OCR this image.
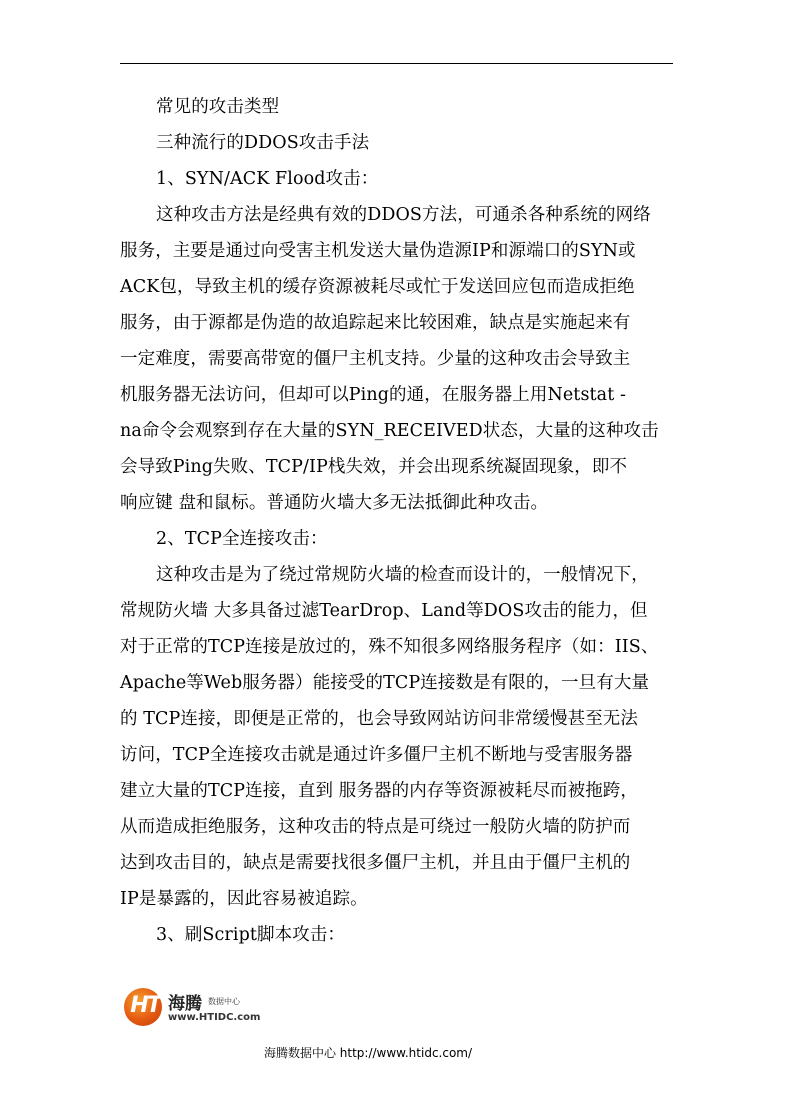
常见的攻击类型
三种流行的DDOS攻击手法
1、SYN/ACK Flood攻击：
这种攻击方法是经典有效的DDOS方法，可通杀各种系统的网络
服务，主要是通过向受害主机发送大量伪造源IP和源端口的SYN或
ACK包，导致主机的缓存资源被耗尽或忙于发送回应包而造成拒绝
服务，由于源都是伪造的故追踪起来比较困难，缺点是实施起来有
一定难度，需要高带宽的僵尸主机支持。少量的这种攻击会导致主
机服务器无法访问，但却可以Ping的通，在服务器上用Netstat -
na命令会观察到存在大量的SYN_RECEIVED状态，大量的这种攻击
会导致Ping失败、TCP/IP栈失效，并会出现系统凝固现象，即不
响应键 盘和鼠标。普通防火墙大多无法抵御此种攻击。
2、TCP全连接攻击：
这种攻击是为了绕过常规防火墙的检查而设计的，一般情况下，
常规防火墙 大多具备过滤TearDrop、Land等DOS攻击的能力，但
对于正常的TCP连接是放过的，殊不知很多网络服务程序（如：IIS、
Apache等Web服务器）能接受的TCP连接数是有限的，一旦有大量
的 TCP连接，即便是正常的，也会导致网站访问非常缓慢甚至无法
访问，TCP全连接攻击就是通过许多僵尸主机不断地与受害服务器
建立大量的TCP连接，直到 服务器的内存等资源被耗尽而被拖跨，
从而造成拒绝服务，这种攻击的特点是可绕过一般防火墙的防护而
达到攻击目的，缺点是需要找很多僵尸主机，并且由于僵尸主机的
IP是暴露的，因此容易被追踪。
3、刷Script脚本攻击：
HT 海腾 数据中心
www.HTIDC.com
海腾数据中心 http://www.htidc.com/
